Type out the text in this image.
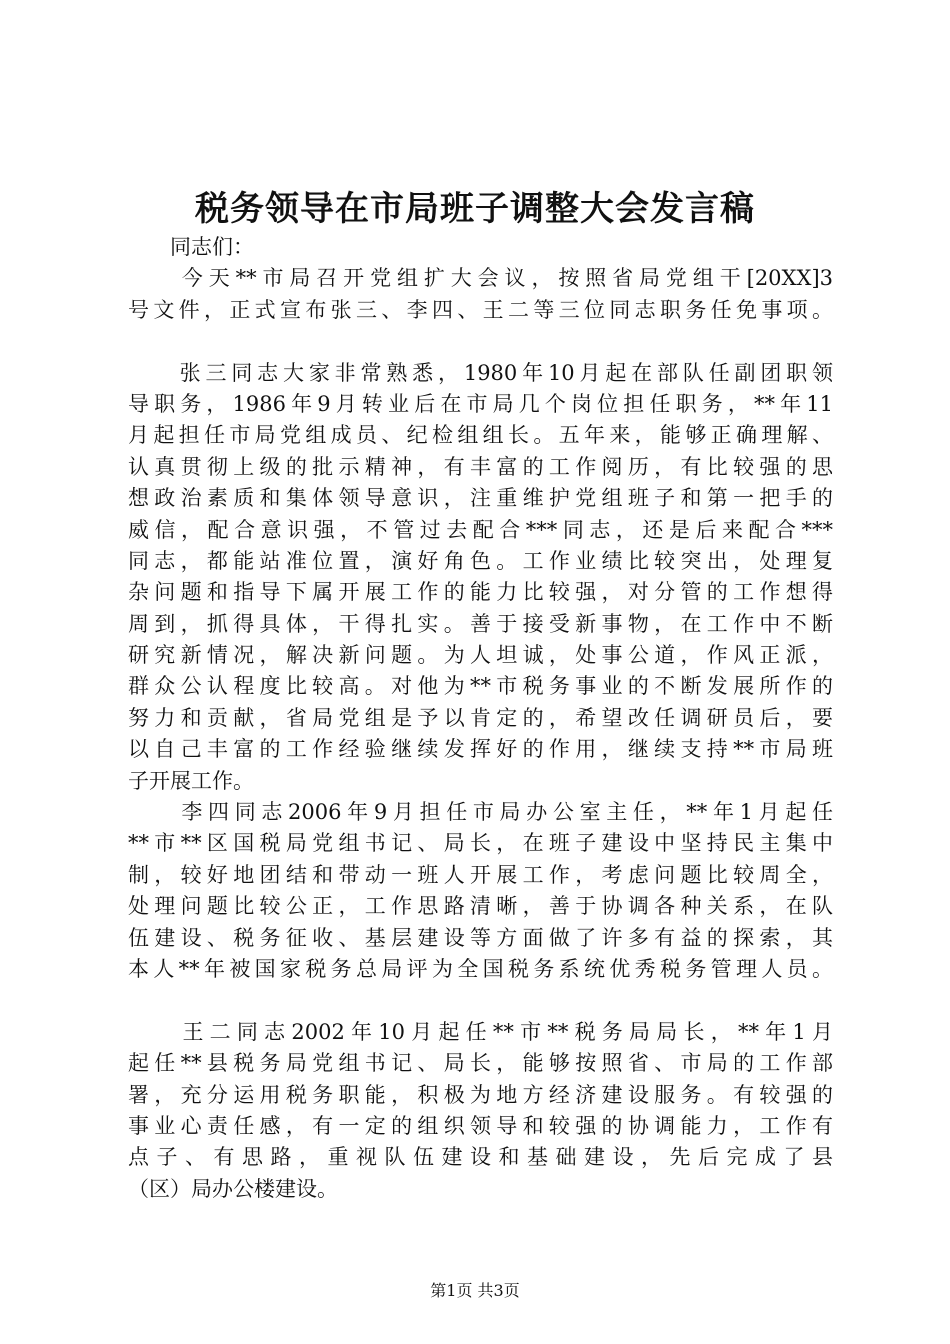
税务领导在市局班子调整大会发言稿
　　同志们：
　　今天**市局召开党组扩大会议，按照省局党组干[20XX]3
号文件，正式宣布张三、李四、王二等三位同志职务任免事项。
　　张三同志大家非常熟悉，1980年10月起在部队任副团职领
导职务，1986年9月转业后在市局几个岗位担任职务，**年11
月起担任市局党组成员、纪检组组长。五年来，能够正确理解、
认真贯彻上级的批示精神，有丰富的工作阅历，有比较强的思
想政治素质和集体领导意识，注重维护党组班子和第一把手的
威信，配合意识强，不管过去配合***同志，还是后来配合***
同志，都能站准位置，演好角色。工作业绩比较突出，处理复
杂问题和指导下属开展工作的能力比较强，对分管的工作想得
周到，抓得具体，干得扎实。善于接受新事物，在工作中不断
研究新情况，解决新问题。为人坦诚，处事公道，作风正派，
群众公认程度比较高。对他为**市税务事业的不断发展所作的
努力和贡献，省局党组是予以肯定的，希望改任调研员后，要
以自己丰富的工作经验继续发挥好的作用，继续支持**市局班
子开展工作。
　　李四同志2006年9月担任市局办公室主任，**年1月起任
**市**区国税局党组书记、局长，在班子建设中坚持民主集中
制，较好地团结和带动一班人开展工作，考虑问题比较周全，
处理问题比较公正，工作思路清晰，善于协调各种关系，在队
伍建设、税务征收、基层建设等方面做了许多有益的探索，其
本人**年被国家税务总局评为全国税务系统优秀税务管理人员。
　　王二同志2002年10月起任**市**税务局局长，**年1月
起任**县税务局党组书记、局长，能够按照省、市局的工作部
署，充分运用税务职能，积极为地方经济建设服务。有较强的
事业心责任感，有一定的组织领导和较强的协调能力，工作有
点子、有思路，重视队伍建设和基础建设，先后完成了县
（区）局办公楼建设。
第1页 共3页
